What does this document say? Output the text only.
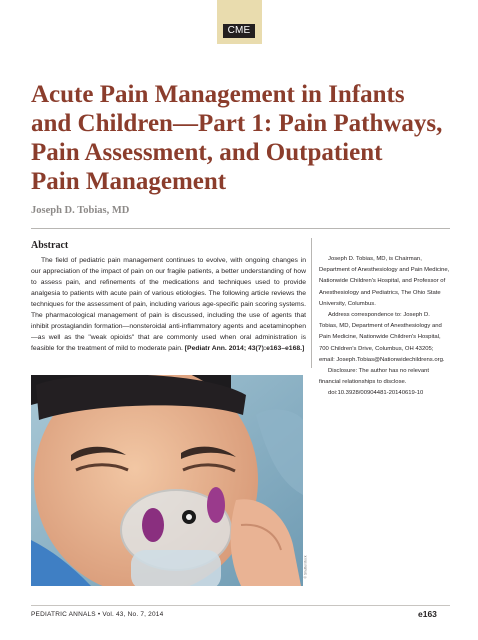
CME
Acute Pain Management in Infants
and Children—Part 1: Pain Pathways,
Pain Assessment, and Outpatient
Pain Management
Joseph D. Tobias, MD
Abstract

The field of pediatric pain management continues to evolve, with ongoing changes in our appreciation of the impact of pain on our fragile patients, a better understanding of how to assess pain, and refinements of the medications and techniques used to provide analgesia to patients with acute pain of various etiologies. The following article reviews the techniques for the assessment of pain, including various age-specific pain scoring systems. The pharmacological management of pain is discussed, including the use of agents that inhibit prostaglandin formation—nonsteroidal anti-inflammatory agents and acetaminophen—as well as the "weak opioids" that are commonly used when oral administration is feasible for the treatment of mild to moderate pain. [Pediatr Ann. 2014; 43(7):e163–e168.]

Joseph D. Tobias, MD, is Chairman, Department of Anesthesiology and Pain Medicine, Nationwide Children's Hospital, and Professor of Anesthesiology and Pediatrics, The Ohio State University, Columbus.

Address correspondence to: Joseph D. Tobias, MD, Department of Anesthesiology and Pain Medicine, Nationwide Children's Hospital, 700 Children's Drive, Columbus, OH 43205; email: Joseph.Tobias@Nationwidechildrens.org.

Disclosure: The author has no relevant financial relationships to disclose.

doi:10.3928/00904481-20140619-10

© Shutterstock
PEDIATRIC ANNALS • Vol. 43, No. 7, 2014	e163
